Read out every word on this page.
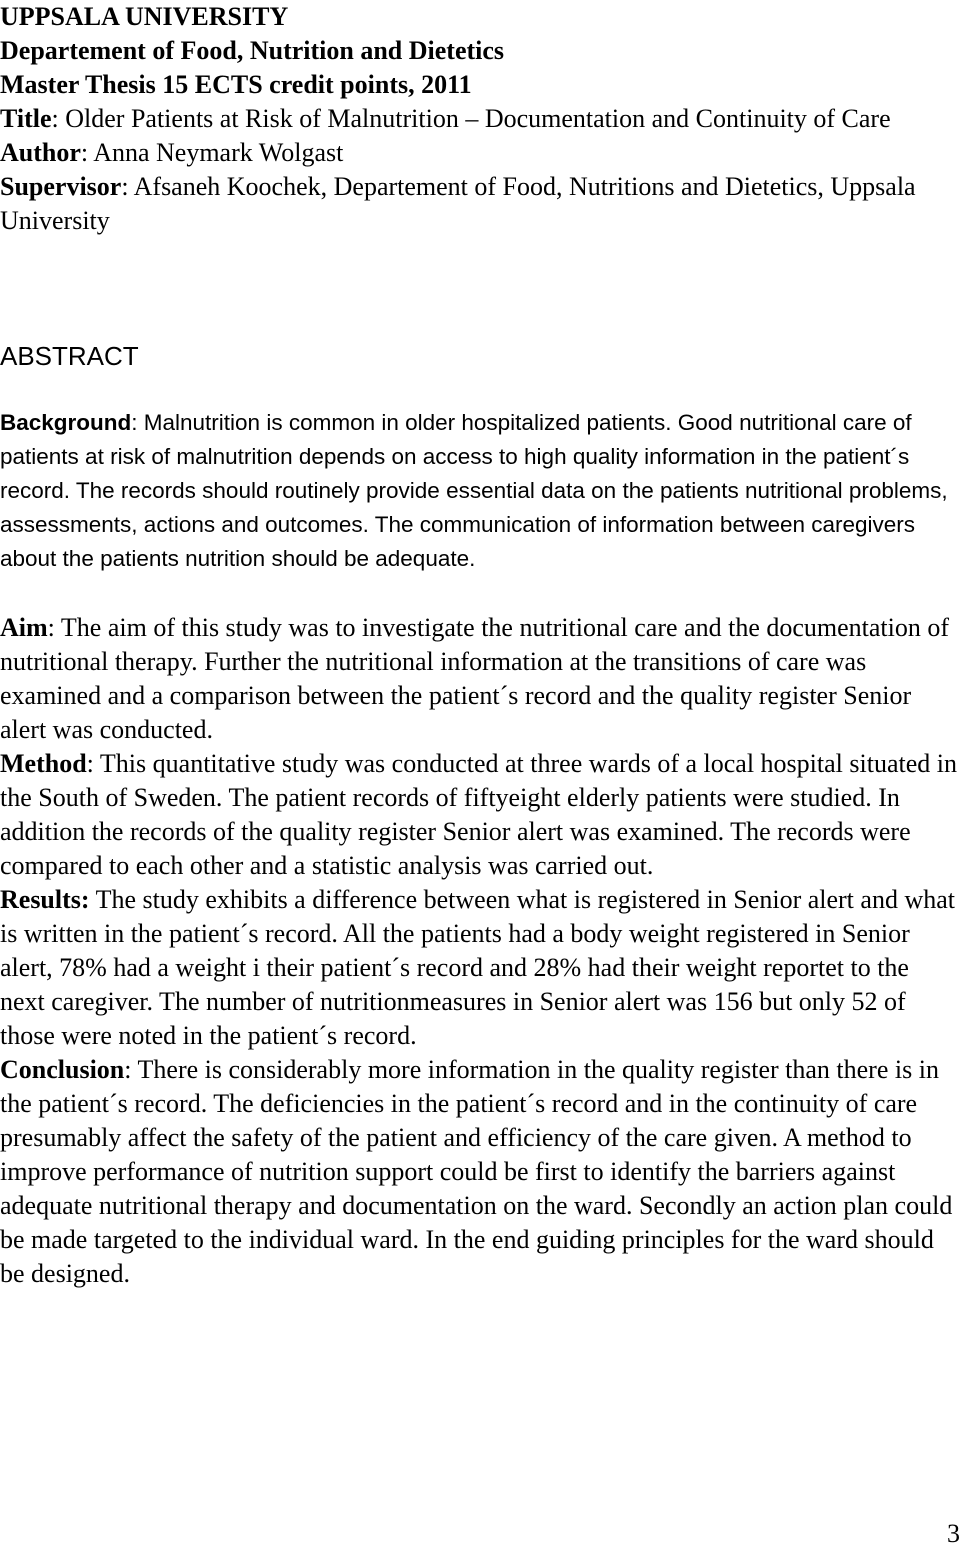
UPPSALA UNIVERSITY

Departement of Food, Nutrition and Dietetics

Master Thesis 15 ECTS credit points, 2011

Title: Older Patients at Risk of Malnutrition – Documentation and Continuity of Care

Author: Anna Neymark Wolgast

Supervisor: Afsaneh Koochek, Departement of Food, Nutritions and Dietetics, Uppsala University

ABSTRACT

Background: Malnutrition is common in older hospitalized patients. Good nutritional care of patients at risk of malnutrition depends on access to high quality information in the patient´s record. The records should routinely provide essential data on the patients nutritional problems, assessments, actions and outcomes. The communication of information between caregivers about the patients nutrition should be adequate.

Aim: The aim of this study was to investigate the nutritional care and the documentation of nutritional therapy. Further the nutritional information at the transitions of care was examined and a comparison between the patient´s record and the quality register Senior alert was conducted.

Method: This quantitative study was conducted at three wards of a local hospital situated in the South of Sweden. The patient records of fiftyeight elderly patients were studied. In addition the records of the quality register Senior alert was examined. The records were compared to each other and a statistic analysis was carried out.

Results: The study exhibits a difference between what is registered in Senior alert and what is written in the patient´s record. All the patients had a body weight registered in Senior alert, 78% had a weight i their patient´s record and 28% had their weight reportet to the next caregiver. The number of nutritionmeasures in Senior alert was 156 but only 52 of those were noted in the patient´s record.

Conclusion: There is considerably more information in the quality register than there is in the patient´s record. The deficiencies in the patient´s record and in the continuity of care presumably affect the safety of the patient and efficiency of the care given. A method to improve performance of nutrition support could be first to identify the barriers against adequate nutritional therapy and documentation on the ward. Secondly an action plan could be made targeted to the individual ward. In the end guiding principles for the ward should be designed.

3
